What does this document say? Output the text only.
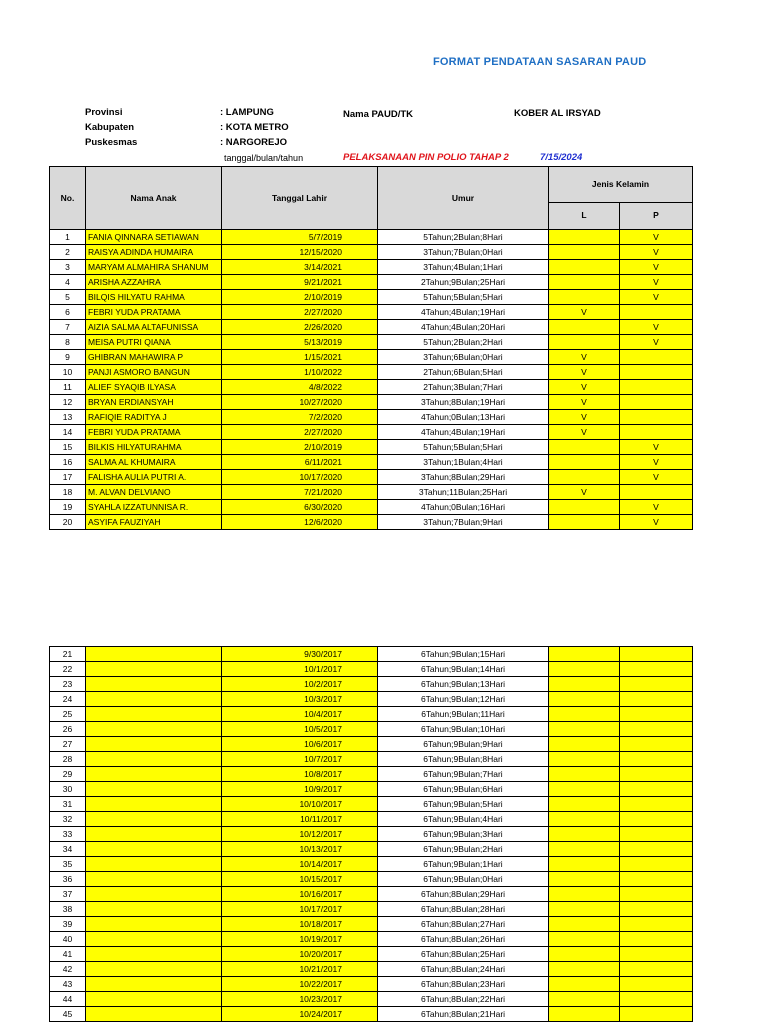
FORMAT PENDATAAN SASARAN PAUD
Provinsi	: LAMPUNG
Kabupaten	: KOTA METRO
Puskesmas	: NARGOREJO
tanggal/bulan/tahun
Nama PAUD/TK	KOBER AL IRSYAD
PELAKSANAAN PIN POLIO TAHAP 2	7/15/2024
No.	Nama Anak	Tanggal Lahir	Umur	Jenis Kelamin	
				L	P
1	FANIA QINNARA SETIAWAN	5/7/2019	5Tahun;2Bulan;8Hari		V
2	RAISYA ADINDA HUMAIRA	12/15/2020	3Tahun;7Bulan;0Hari		V
3	MARYAM ALMAHIRA SHANUM	3/14/2021	3Tahun;4Bulan;1Hari		V
4	ARISHA AZZAHRA	9/21/2021	2Tahun;9Bulan;25Hari		V
5	BILQIS HILYATU RAHMA	2/10/2019	5Tahun;5Bulan;5Hari		V
6	FEBRI YUDA PRATAMA	2/27/2020	4Tahun;4Bulan;19Hari	V	
7	AIZIA SALMA ALTAFUNISSA	2/26/2020	4Tahun;4Bulan;20Hari		V
8	MEISA PUTRI QIANA	5/13/2019	5Tahun;2Bulan;2Hari		V
9	GHIBRAN MAHAWIRA P	1/15/2021	3Tahun;6Bulan;0Hari	V	
10	PANJI ASMORO BANGUN	1/10/2022	2Tahun;6Bulan;5Hari	V	
11	ALIEF SYAQIB ILYASA	4/8/2022	2Tahun;3Bulan;7Hari	V	
12	BRYAN ERDIANSYAH	10/27/2020	3Tahun;8Bulan;19Hari	V	
13	RAFIQIE RADITYA J	7/2/2020	4Tahun;0Bulan;13Hari	V	
14	FEBRI YUDA PRATAMA	2/27/2020	4Tahun;4Bulan;19Hari	V	
15	BILKIS HILYATURAHMA	2/10/2019	5Tahun;5Bulan;5Hari		V
16	SALMA AL KHUMAIRA	6/11/2021	3Tahun;1Bulan;4Hari		V
17	FALISHA AULIA PUTRI A.	10/17/2020	3Tahun;8Bulan;29Hari		V
18	M. ALVAN DELVIANO	7/21/2020	3Tahun;11Bulan;25Hari	V	
19	SYAHLA IZZATUNNISA R.	6/30/2020	4Tahun;0Bulan;16Hari		V
20	ASYIFA FAUZIYAH	12/6/2020	3Tahun;7Bulan;9Hari		V
21		9/30/2017	6Tahun;9Bulan;15Hari		
22		10/1/2017	6Tahun;9Bulan;14Hari		
23		10/2/2017	6Tahun;9Bulan;13Hari		
24		10/3/2017	6Tahun;9Bulan;12Hari		
25		10/4/2017	6Tahun;9Bulan;11Hari		
26		10/5/2017	6Tahun;9Bulan;10Hari		
27		10/6/2017	6Tahun;9Bulan;9Hari		
28		10/7/2017	6Tahun;9Bulan;8Hari		
29		10/8/2017	6Tahun;9Bulan;7Hari		
30		10/9/2017	6Tahun;9Bulan;6Hari		
31		10/10/2017	6Tahun;9Bulan;5Hari		
32		10/11/2017	6Tahun;9Bulan;4Hari		
33		10/12/2017	6Tahun;9Bulan;3Hari		
34		10/13/2017	6Tahun;9Bulan;2Hari		
35		10/14/2017	6Tahun;9Bulan;1Hari		
36		10/15/2017	6Tahun;9Bulan;0Hari		
37		10/16/2017	6Tahun;8Bulan;29Hari		
38		10/17/2017	6Tahun;8Bulan;28Hari		
39		10/18/2017	6Tahun;8Bulan;27Hari		
40		10/19/2017	6Tahun;8Bulan;26Hari		
41		10/20/2017	6Tahun;8Bulan;25Hari		
42		10/21/2017	6Tahun;8Bulan;24Hari		
43		10/22/2017	6Tahun;8Bulan;23Hari		
44		10/23/2017	6Tahun;8Bulan;22Hari		
45		10/24/2017	6Tahun;8Bulan;21Hari		
